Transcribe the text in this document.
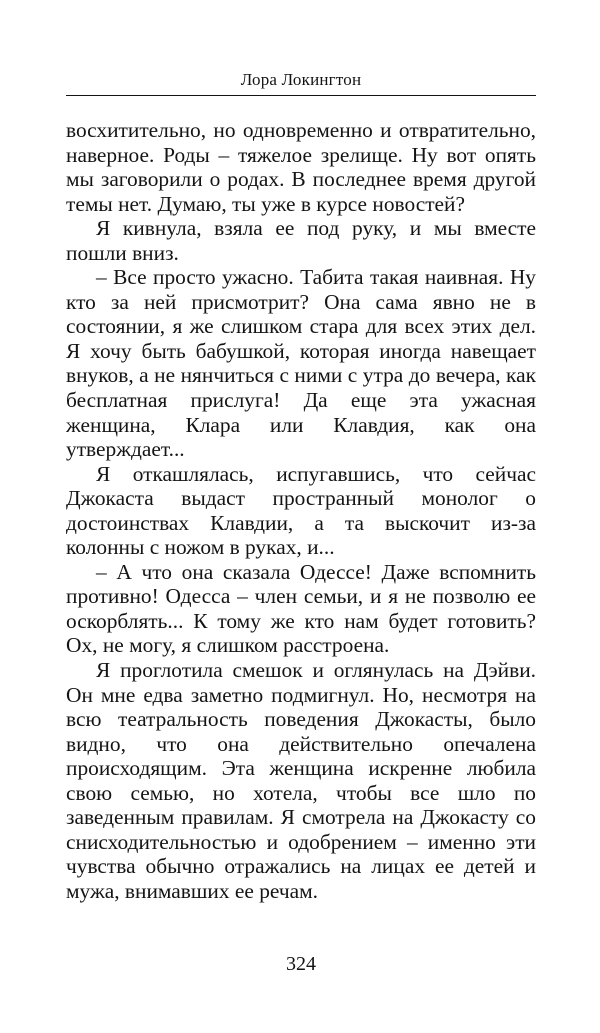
Лора Локингтон

восхитительно, но одновременно и отвратительно, наверное. Роды – тяжелое зрелище. Ну вот опять мы заговорили о родах. В последнее время другой темы нет. Думаю, ты уже в курсе новостей?

Я кивнула, взяла ее под руку, и мы вместе пошли вниз.

– Все просто ужасно. Табита такая наивная. Ну кто за ней присмотрит? Она сама явно не в состоянии, я же слишком стара для всех этих дел. Я хочу быть бабушкой, которая иногда навещает внуков, а не нянчиться с ними с утра до вечера, как бесплатная прислуга! Да еще эта ужасная женщина, Клара или Клавдия, как она утверждает...

Я откашлялась, испугавшись, что сейчас Джокаста выдаст пространный монолог о достоинствах Клавдии, а та выскочит из-за колонны с ножом в руках, и...

– А что она сказала Одессе! Даже вспомнить противно! Одесса – член семьи, и я не позволю ее оскорблять... К тому же кто нам будет готовить? Ох, не могу, я слишком расстроена.

Я проглотила смешок и оглянулась на Дэйви. Он мне едва заметно подмигнул. Но, несмотря на всю театральность поведения Джокасты, было видно, что она действительно опечалена происходящим. Эта женщина искренне любила свою семью, но хотела, чтобы все шло по заведенным правилам. Я смотрела на Джокасту со снисходительностью и одобрением – именно эти чувства обычно отражались на лицах ее детей и мужа, внимавших ее речам.

324
